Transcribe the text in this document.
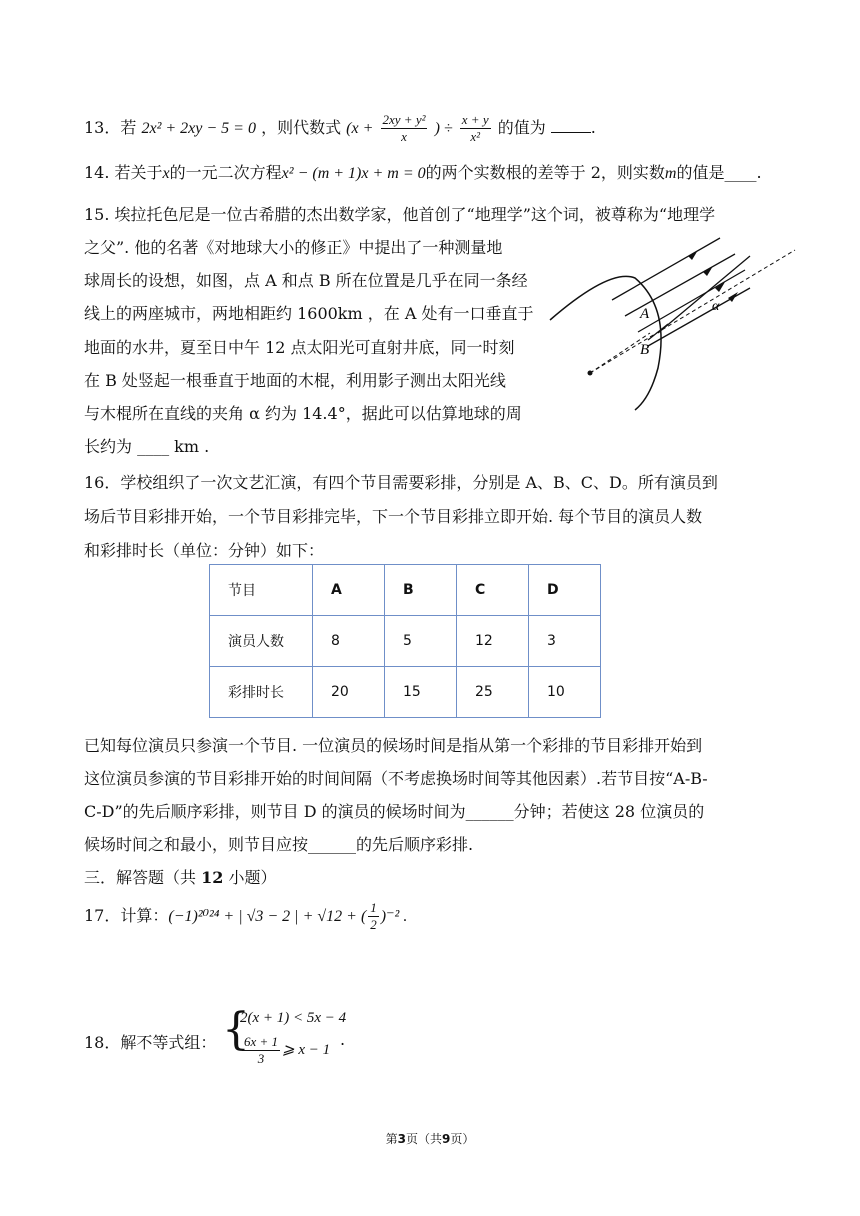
13．若 2x² + 2xy − 5 = 0 ，则代数式 ($x + \frac{\text{2xy + y²}}{x}$ ) ÷ $\frac{x + y}{\text{x²}}$ 的值为	.
14. 若关于x的一元二次方程x² − (m + 1)x + m = 0的两个实数根的差等于 2，则实数m的值是____.
15. 埃拉托色尼是一位古希腊的杰出数学家，他首创了“地理学”这个词，被尊称为“地理学
之父”. 他的名著《对地球大小的修正》中提出了一种测量地
球周长的设想，如图，点 A 和点 B 所在位置是几乎在同一条经
线上的两座城市，两地相距约 1600km ，在 A 处有一口垂直于
地面的水井，夏至日中午 12 点太阳光可直射井底，同一时刻
在 B 处竖起一根垂直于地面的木棍，利用影子测出太阳光线
与木棍所在直线的夹角 α 约为 14.4°，据此可以估算地球的周
长约为 ____ km .
A
B
α
16．学校组织了一次文艺汇演，有四个节目需要彩排，分别是 A、B、C、D。所有演员到
场后节目彩排开始，一个节目彩排完毕，下一个节目彩排立即开始. 每个节目的演员人数
和彩排时长（单位：分钟）如下：
节目	A	B	C	D
演员人数	8	5	12	3
彩排时长	20	15	25	10
已知每位演员只参演一个节目. 一位演员的候场时间是指从第一个彩排的节目彩排开始到
这位演员参演的节目彩排开始的时间间隔（不考虑换场时间等其他因素）.若节目按“A-B-
C-D”的先后顺序彩排，则节目 D 的演员的候场时间为______分钟；若使这 28 位演员的
候场时间之和最小，则节目应按______的先后顺序彩排.
三．解答题（共 12 小题）
17．计算：(−1)²⁰²⁴ + | √3 − 2 | + √12 + ( $\frac{1}{2} )^{-2}$ .
18．解不等式组： {
2(x + 1) < 5x − 4
$\frac{6x + 1}{3}$ ⩾ x − 1
.
第3页（共9页）
